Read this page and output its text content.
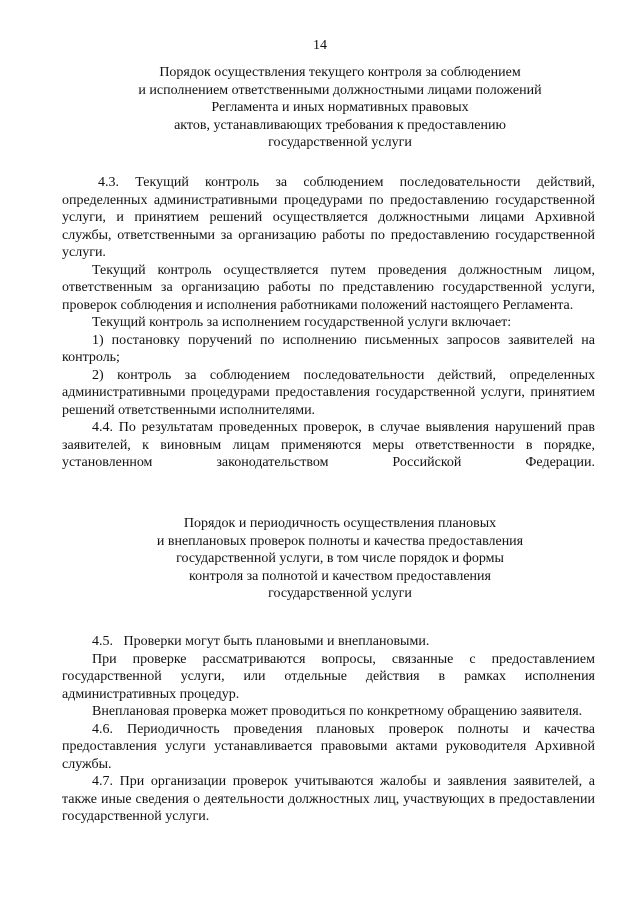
14
Порядок осуществления текущего контроля за соблюдением
и исполнением ответственными должностными лицами положений
Регламента и иных нормативных правовых
актов, устанавливающих требования к предоставлению
государственной услуги

4.3. Текущий контроль за соблюдением последовательности действий, определенных административными процедурами по предоставлению государственной услуги, и принятием решений осуществляется должностными лицами Архивной службы, ответственными за организацию работы по предоставлению государственной услуги.

Текущий контроль осуществляется путем проведения должностным лицом, ответственным за организацию работы по представлению государственной услуги, проверок соблюдения и исполнения работниками положений настоящего Регламента.

Текущий контроль за исполнением государственной услуги включает:

1) постановку поручений по исполнению письменных запросов заявителей на контроль;

2) контроль за соблюдением последовательности действий, определенных административными процедурами предоставления государственной услуги, принятием решений ответственными исполнителями.

4.4. По результатам проведенных проверок, в случае выявления нарушений прав заявителей, к виновным лицам применяются меры ответственности в порядке, установленном законодательством Российской Федерации.

Порядок и периодичность осуществления плановых
и внеплановых проверок полноты и качества предоставления
государственной услуги, в том числе порядок и формы
контроля за полнотой и качеством предоставления
государственной услуги

4.5.   Проверки могут быть плановыми и внеплановыми.

При проверке рассматриваются вопросы, связанные с предоставлением государственной услуги, или отдельные действия в рамках исполнения административных процедур.

Внеплановая проверка может проводиться по конкретному обращению заявителя.

4.6. Периодичность проведения плановых проверок полноты и качества предоставления услуги устанавливается правовыми актами руководителя Архивной службы.

4.7. При организации проверок учитываются жалобы и заявления заявителей, а также иные сведения о деятельности должностных лиц, участвующих в предоставлении государственной услуги.
